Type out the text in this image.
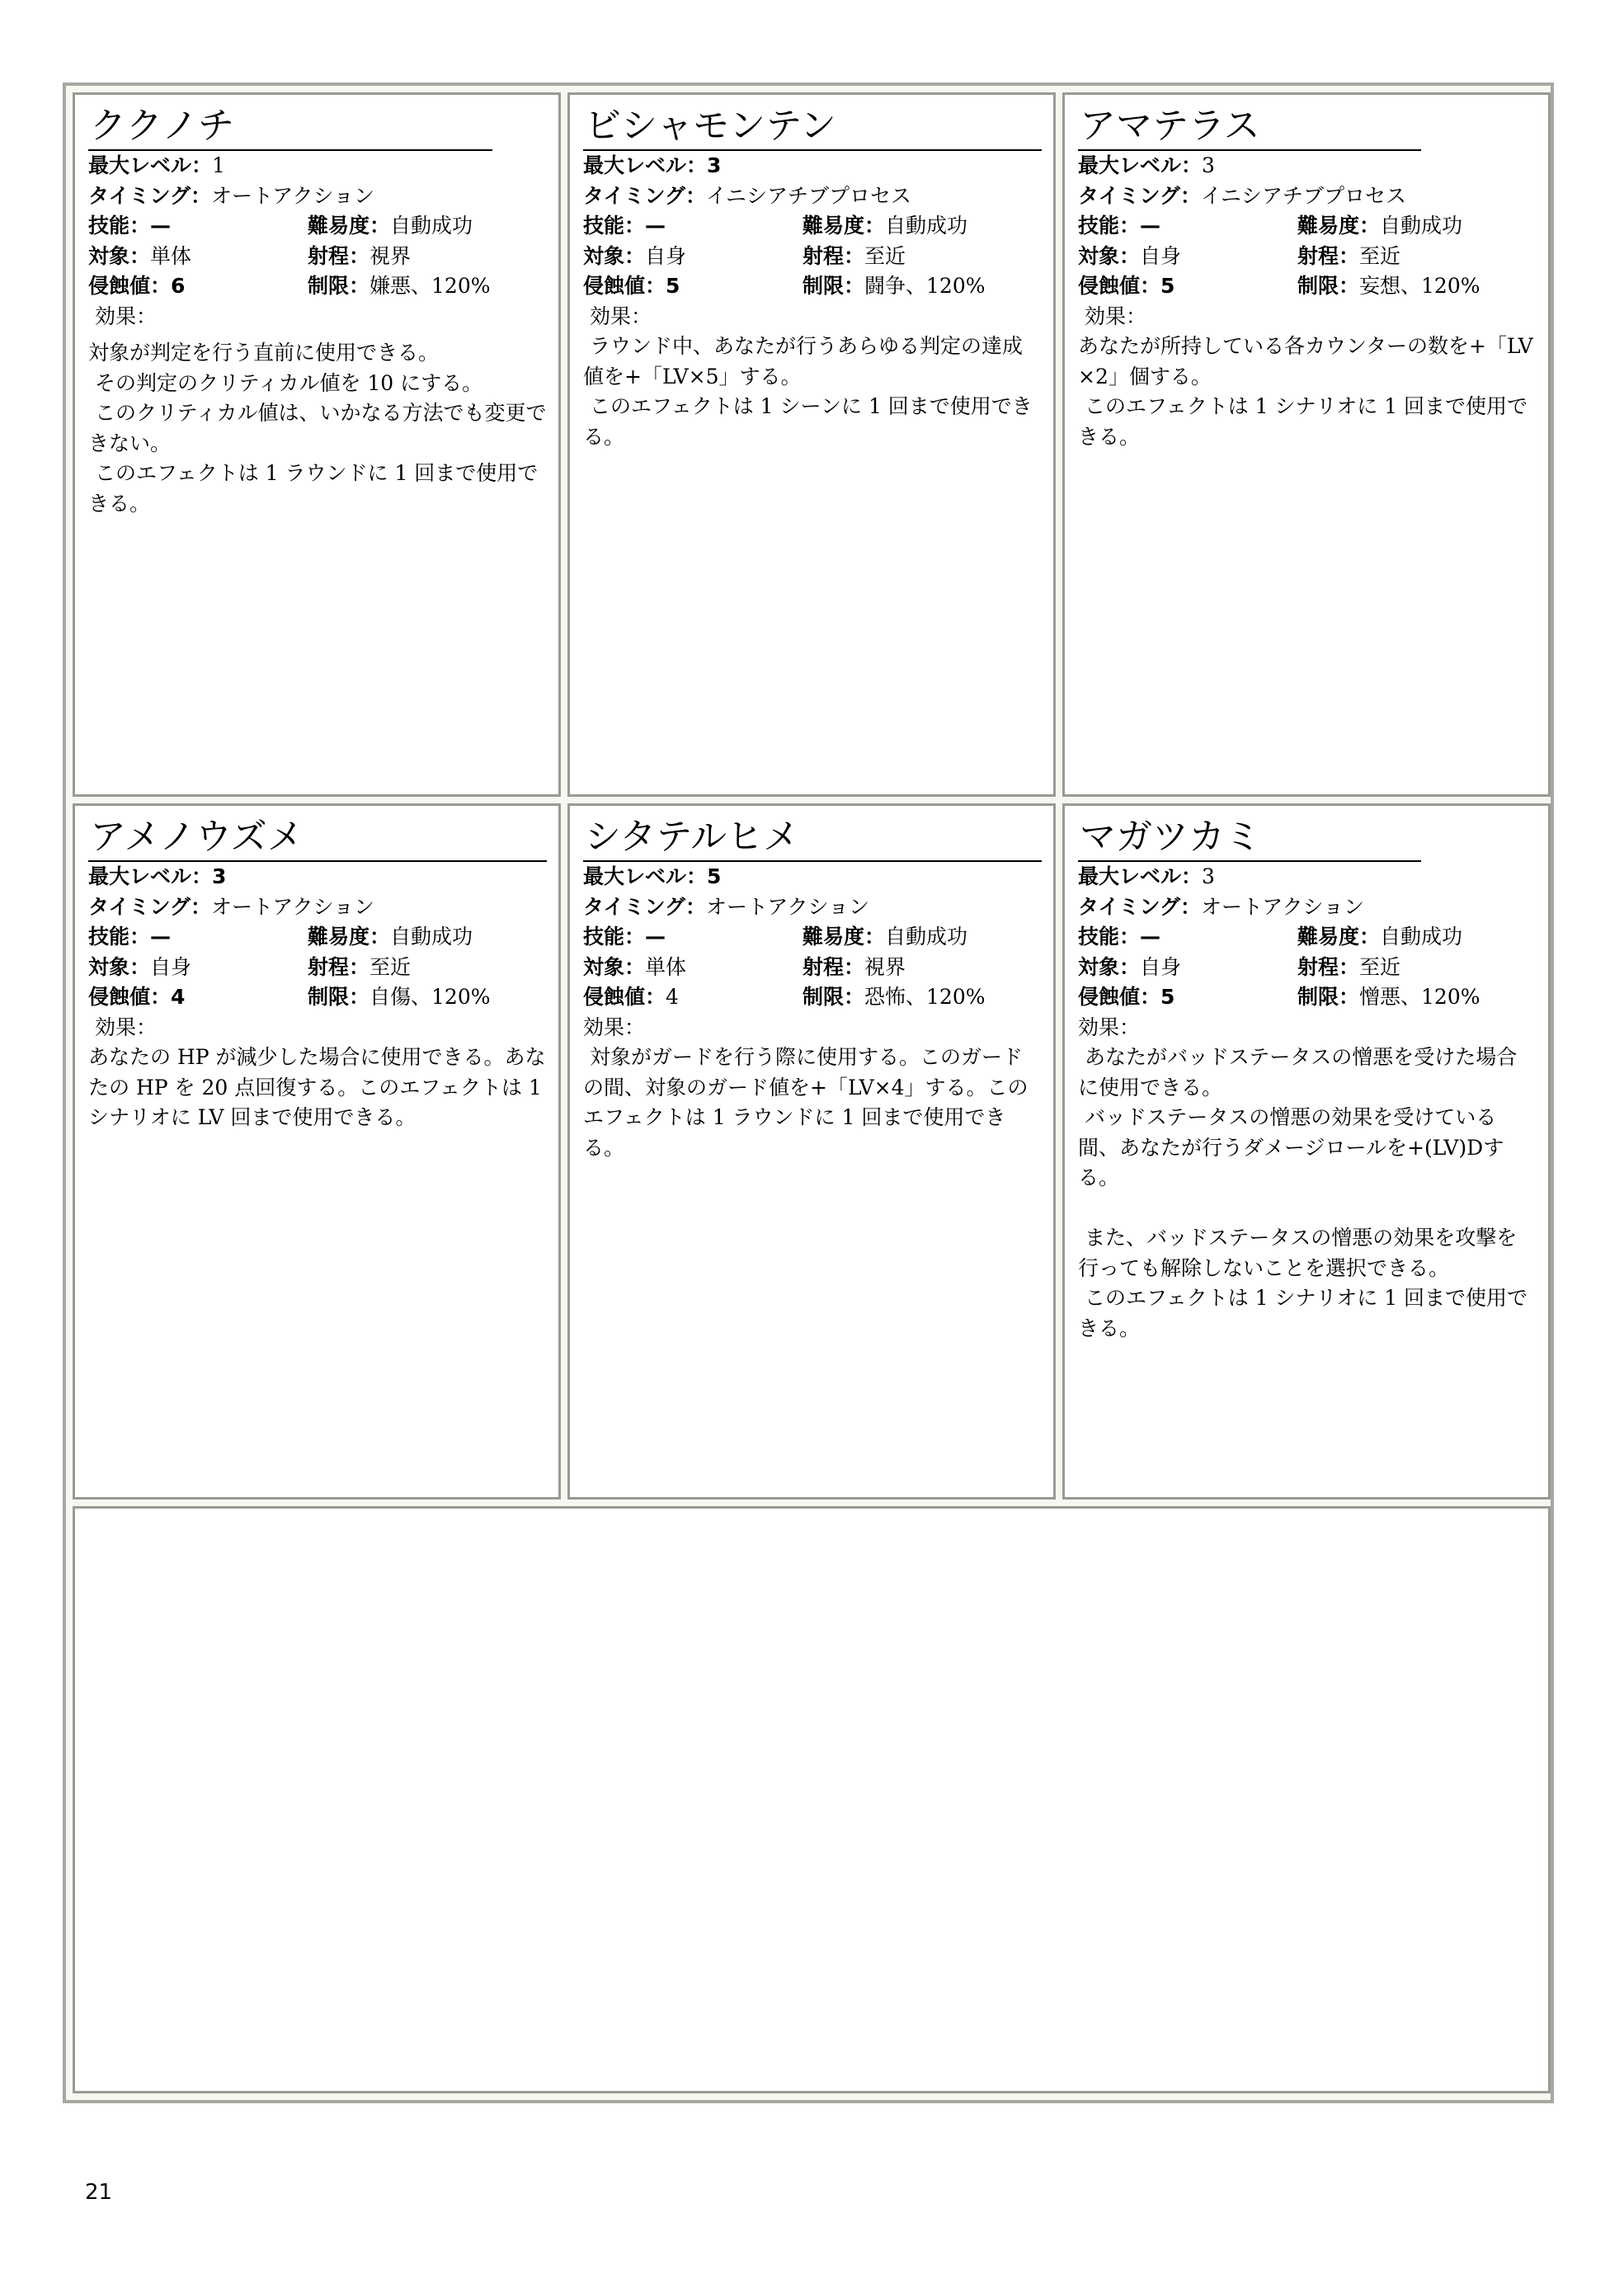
ククノチ
最大レベル：1
タイミング：オートアクション
技能：—	難易度：自動成功
対象：単体	射程：視界
侵蝕値：6	制限：嫌悪、120%
効果：
対象が判定を行う直前に使用できる。
その判定のクリティカル値を 10 にする。
このクリティカル値は、いかなる方法でも変更できない。
このエフェクトは 1 ラウンドに 1 回まで使用できる。
ビシャモンテン
最大レベル：3
タイミング：イニシアチブプロセス
技能：—	難易度：自動成功
対象：自身	射程：至近
侵蝕値：5	制限：闘争、120%
効果：
ラウンド中、あなたが行うあらゆる判定の達成値を+「LV×5」する。
このエフェクトは 1 シーンに 1 回まで使用できる。
アマテラス
最大レベル：3
タイミング：イニシアチブプロセス
技能：—	難易度：自動成功
対象：自身	射程：至近
侵蝕値：5	制限：妄想、120%
効果：
あなたが所持している各カウンターの数を+「LV×2」個する。
このエフェクトは 1 シナリオに 1 回まで使用できる。
アメノウズメ
最大レベル：3
タイミング：オートアクション
技能：—	難易度：自動成功
対象：自身	射程：至近
侵蝕値：4	制限：自傷、120%
効果：
あなたの HP が減少した場合に使用できる。あなたの HP を 20 点回復する。このエフェクトは 1 シナリオに LV 回まで使用できる。
シタテルヒメ
最大レベル：5
タイミング：オートアクション
技能：—	難易度：自動成功
対象：単体	射程：視界
侵蝕値：4	制限：恐怖、120%
効果：
対象がガードを行う際に使用する。このガードの間、対象のガード値を+「LV×4」する。このエフェクトは 1 ラウンドに 1 回まで使用できる。
マガツカミ
最大レベル：3
タイミング：オートアクション
技能：—	難易度：自動成功
対象：自身	射程：至近
侵蝕値：5	制限：憎悪、120%
効果：
あなたがバッドステータスの憎悪を受けた場合に使用できる。
バッドステータスの憎悪の効果を受けている間、あなたが行うダメージロールを+(LV)Dする。

また、バッドステータスの憎悪の効果を攻撃を行っても解除しないことを選択できる。
このエフェクトは 1 シナリオに 1 回まで使用できる。
21
